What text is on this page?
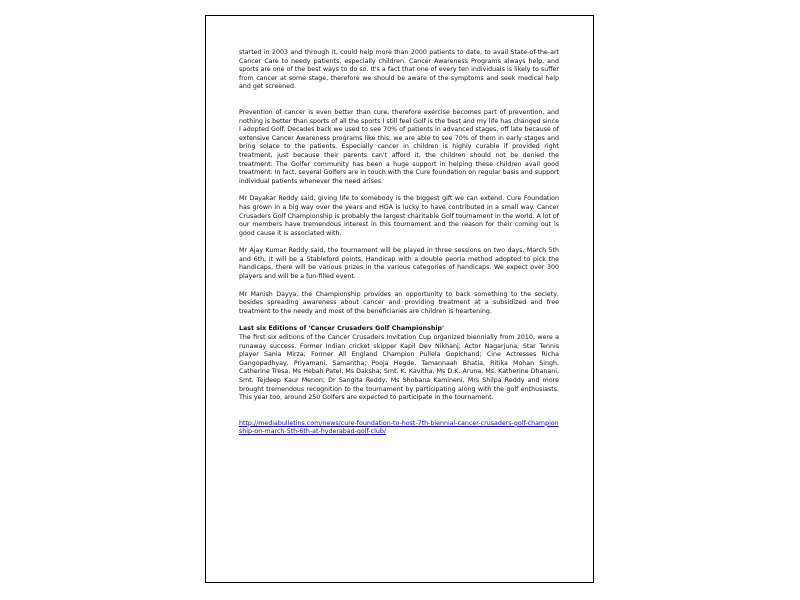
started in 2003 and through it, could help more than 2000 patients to date, to avail State-of-the-art Cancer Care to needy patients, especially children. Cancer Awareness Programs always help, and sports are one of the best ways to do so. It's a fact that one of every ten individuals is likely to suffer from cancer at some stage, therefore we should be aware of the symptoms and seek medical help and get screened.

Prevention of cancer is even better than cure, therefore exercise becomes part of prevention, and nothing is better than sports of all the sports I still feel Golf is the best and my life has changed since I adopted Golf. Decades back we used to see 70% of patients in advanced stages, off late because of extensive Cancer Awareness programs like this, we are able to see 70% of them in early stages and bring solace to the patients. Especially cancer in children is highly curable if provided right treatment, just because their parents can't afford it, the children should not be denied the treatment. The Golfer community has been a huge support in helping these children avail good treatment. In fact, several Golfers are in touch with the Cure foundation on regular basis and support individual patients whenever the need arises.

Mr Dayakar Reddy said, giving life to somebody is the biggest gift we can extend. Cure Foundation has grown in a big way over the years and HGA is lucky to have contributed in a small way. Cancer Crusaders Golf Championship is probably the largest charitable Golf tournament in the world. A lot of our members have tremendous interest in this tournament and the reason for their coming out is good cause it is associated with.

Mr Ajay Kumar Reddy said, the tournament will be played in three sessions on two days, March 5th and 6th, it will be a Stableford points, Handicap with a double peoria method adopted to pick the handicaps, there will be various prizes in the various categories of handicaps. We expect over 300 players and will be a fun-filled event.

Mr Manish Dayya, the Championship provides an opportunity to back something to the society, besides spreading awareness about cancer and providing treatment at a subsidized and free treatment to the needy and most of the beneficiaries are children is heartening.

Last six Editions of 'Cancer Crusaders Golf Championship'

The first six editions of the Cancer Crusaders Invitation Cup organized biennially from 2010, were a runaway success. Former Indian cricket skipper Kapil Dev Nikhanj; Actor Nagarjuna; Star Tennis player Sania Mirza; Former All England Champion Pullela Gopichand; Cine Actresses Richa Gangopadhyay, Priyamani, Samantha; Pooja Hegde, Tamannaah Bhatia, Ritika Mohan Singh, Catherine Tresa, Ms Hebah Patel, Ms Daksha; Smt. K. Kavitha, Ms D.K. Aruna, Ms. Katherine Dhanani, Smt. Tejdeep Kaur Menon; Dr Sangita Reddy, Ms Shobana Kamineni, Mrs Shilpa Reddy and more brought tremendous recognition to the tournament by participating along with the golf enthusiasts. This year too, around 250 Golfers are expected to participate in the tournament.

http://mediabulletins.com/news/cure-foundation-to-host-7th-biennial-cancer-crusaders-golf-championship-on-march-5th-6th-at-hyderabad-golf-club/
